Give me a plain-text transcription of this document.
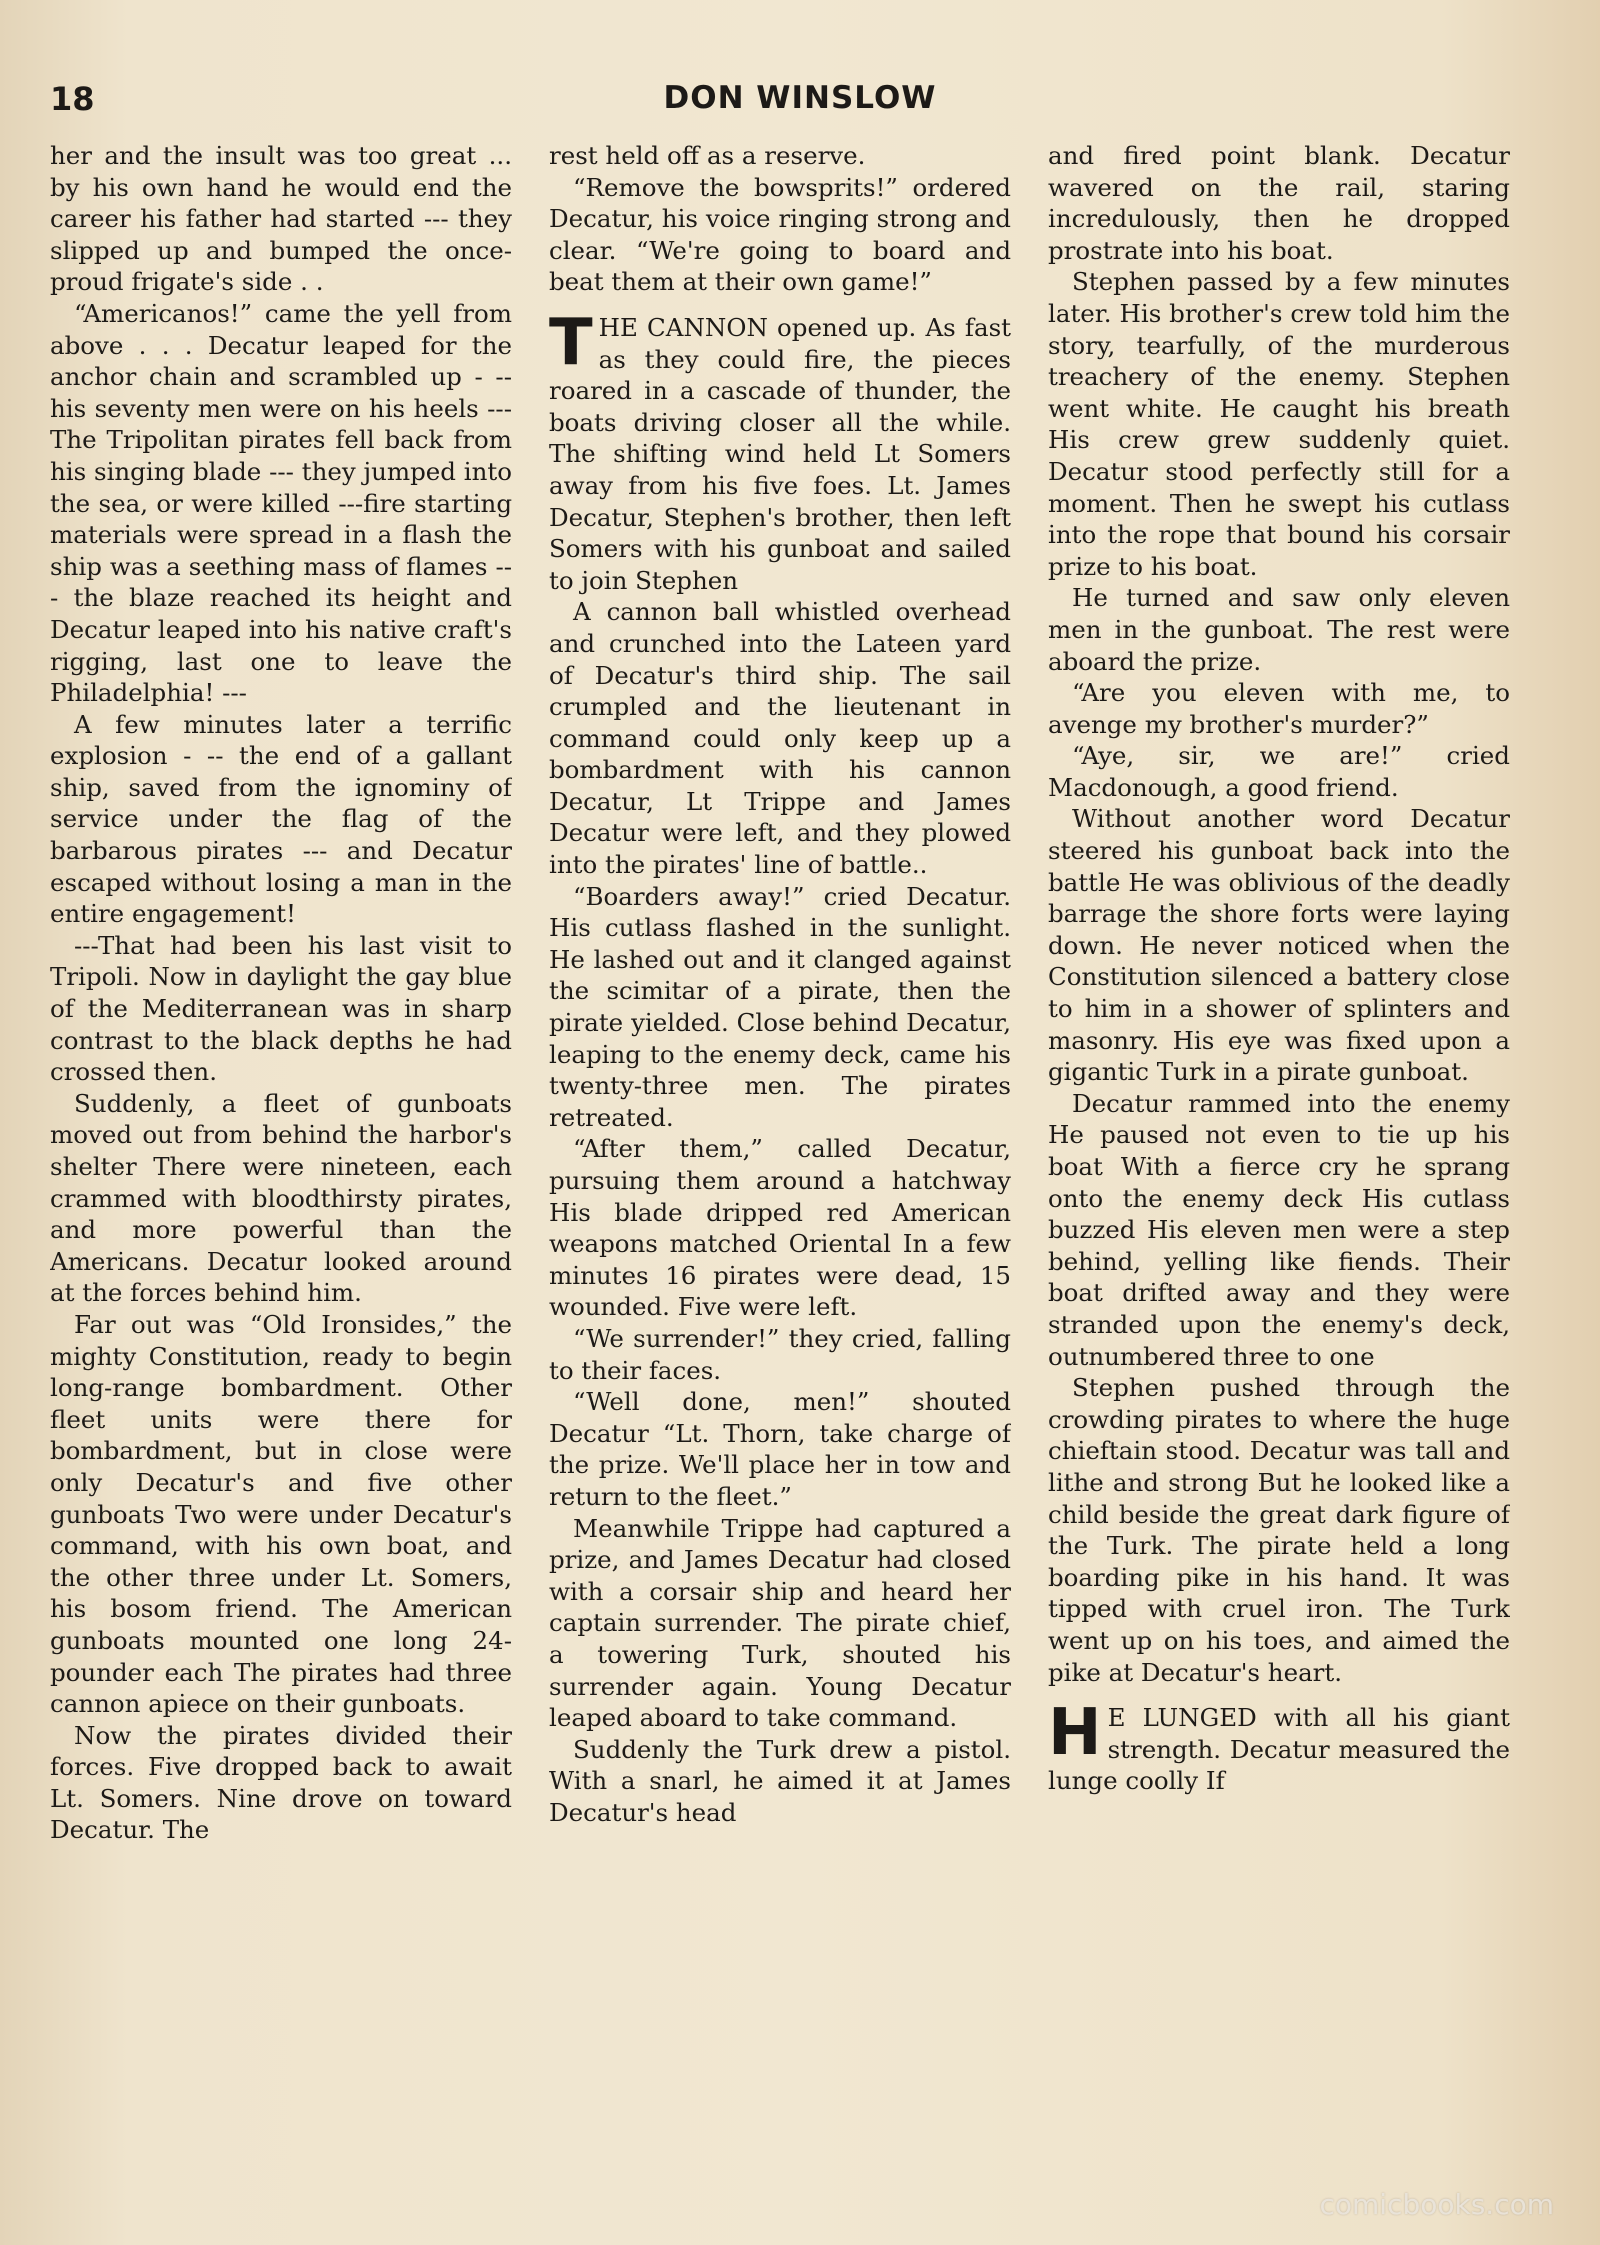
18	DON WINSLOW

her and the insult was too great ... by his own hand he would end the career his father had started --- they slipped up and bumped the once-proud frigate's side . .

“Americanos!” came the yell from above . . . Decatur leaped for the anchor chain and scrambled up - -- his seventy men were on his heels --- The Tripolitan pirates fell back from his singing blade --- they jumped into the sea, or were killed ---fire starting materials were spread in a flash the ship was a seething mass of flames --- the blaze reached its height and Decatur leaped into his native craft's rigging, last one to leave the Philadelphia! ---

A few minutes later a terrific explosion - -- the end of a gallant ship, saved from the ignominy of service under the flag of the barbarous pirates --- and Decatur escaped without losing a man in the entire engagement!

---That had been his last visit to Tripoli. Now in daylight the gay blue of the Mediterranean was in sharp contrast to the black depths he had crossed then.

Suddenly, a fleet of gunboats moved out from behind the harbor's shelter There were nineteen, each crammed with bloodthirsty pirates, and more powerful than the Americans. Decatur looked around at the forces behind him.

Far out was “Old Ironsides,” the mighty Constitution, ready to begin long-range bombardment. Other fleet units were there for bombardment, but in close were only Decatur's and five other gunboats Two were under Decatur's command, with his own boat, and the other three under Lt. Somers, his bosom friend. The American gunboats mounted one long 24-pounder each The pirates had three cannon apiece on their gunboats.

Now the pirates divided their forces. Five dropped back to await Lt. Somers. Nine drove on toward Decatur. The

rest held off as a reserve.

“Remove the bowsprits!” ordered Decatur, his voice ringing strong and clear. “We're going to board and beat them at their own game!”

THE CANNON opened up. As fast as they could fire, the pieces roared in a cascade of thunder, the boats driving closer all the while. The shifting wind held Lt Somers away from his five foes. Lt. James Decatur, Stephen's brother, then left Somers with his gunboat and sailed to join Stephen

A cannon ball whistled overhead and crunched into the Lateen yard of Decatur's third ship. The sail crumpled and the lieutenant in command could only keep up a bombardment with his cannon Decatur, Lt Trippe and James Decatur were left, and they plowed into the pirates' line of battle..

“Boarders away!” cried Decatur. His cutlass flashed in the sunlight. He lashed out and it clanged against the scimitar of a pirate, then the pirate yielded. Close behind Decatur, leaping to the enemy deck, came his twenty-three men. The pirates retreated.

“After them,” called Decatur, pursuing them around a hatchway His blade dripped red American weapons matched Oriental In a few minutes 16 pirates were dead, 15 wounded. Five were left.

“We surrender!” they cried, falling to their faces.

“Well done, men!” shouted Decatur “Lt. Thorn, take charge of the prize. We'll place her in tow and return to the fleet.”

Meanwhile Trippe had captured a prize, and James Decatur had closed with a corsair ship and heard her captain surrender. The pirate chief, a towering Turk, shouted his surrender again. Young Decatur leaped aboard to take command.

Suddenly the Turk drew a pistol. With a snarl, he aimed it at James Decatur's head

and fired point blank. Decatur wavered on the rail, staring incredulously, then he dropped prostrate into his boat.

Stephen passed by a few minutes later. His brother's crew told him the story, tearfully, of the murderous treachery of the enemy. Stephen went white. He caught his breath His crew grew suddenly quiet. Decatur stood perfectly still for a moment. Then he swept his cutlass into the rope that bound his corsair prize to his boat.

He turned and saw only eleven men in the gunboat. The rest were aboard the prize.

“Are you eleven with me, to avenge my brother's murder?”

“Aye, sir, we are!” cried Macdonough, a good friend.

Without another word Decatur steered his gunboat back into the battle He was oblivious of the deadly barrage the shore forts were laying down. He never noticed when the Constitution silenced a battery close to him in a shower of splinters and masonry. His eye was fixed upon a gigantic Turk in a pirate gunboat.

Decatur rammed into the enemy He paused not even to tie up his boat With a fierce cry he sprang onto the enemy deck His cutlass buzzed His eleven men were a step behind, yelling like fiends. Their boat drifted away and they were stranded upon the enemy's deck, outnumbered three to one

Stephen pushed through the crowding pirates to where the huge chieftain stood. Decatur was tall and lithe and strong But he looked like a child beside the great dark figure of the Turk. The pirate held a long boarding pike in his hand. It was tipped with cruel iron. The Turk went up on his toes, and aimed the pike at Decatur's heart.

HE LUNGED with all his giant strength. Decatur measured the lunge coolly If

comicbooks.com
